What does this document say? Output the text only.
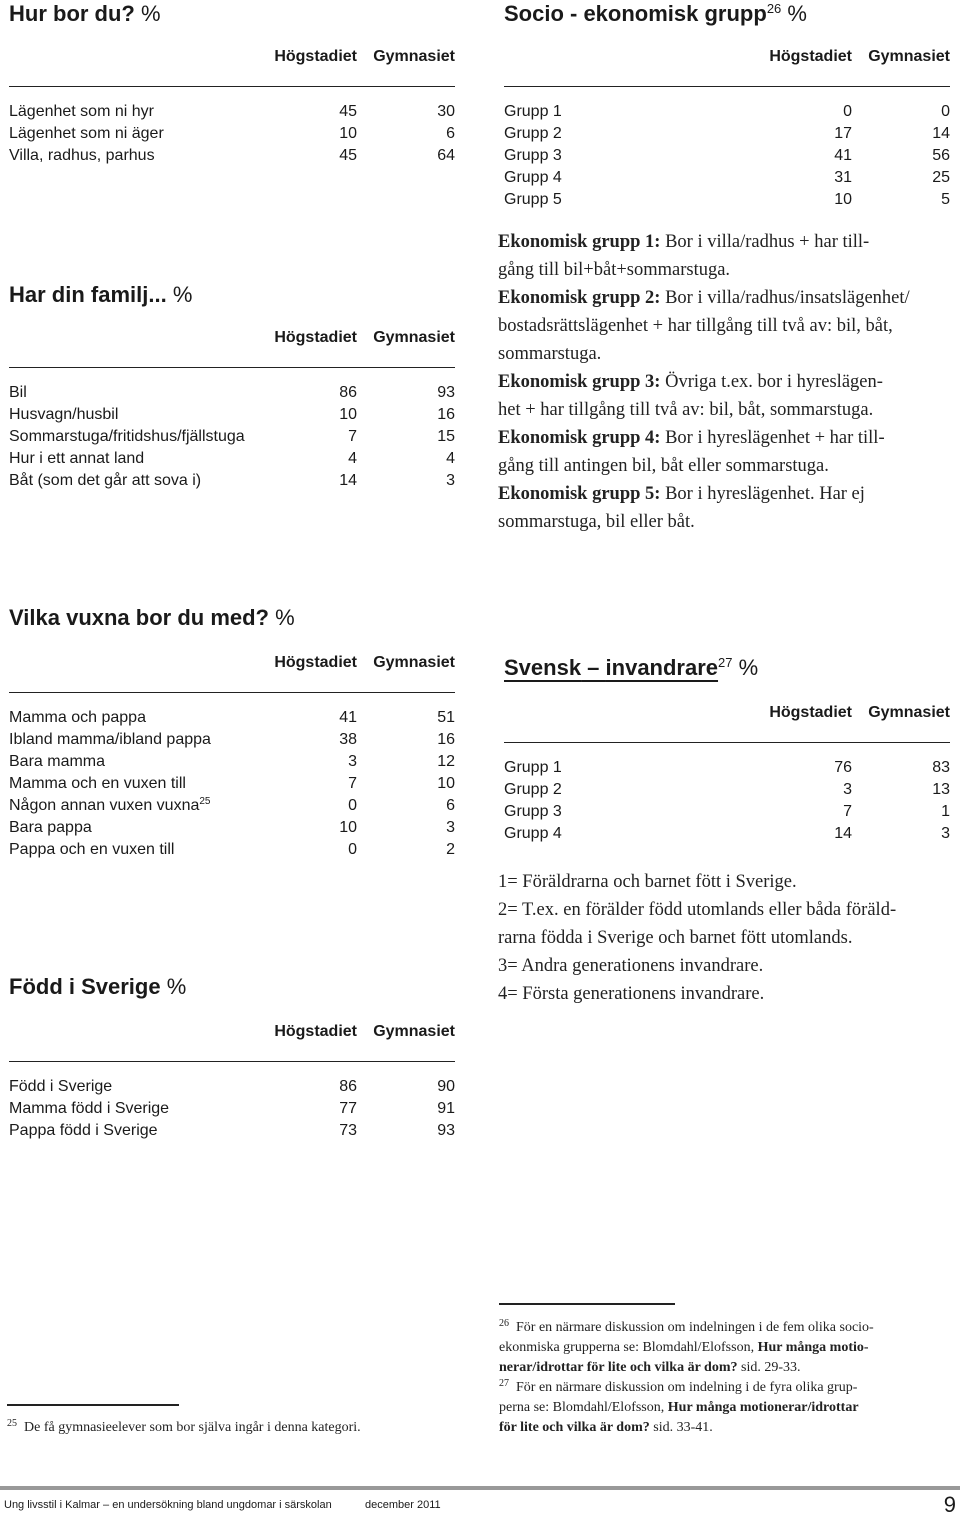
Hur bor du? %
Högstadiet Gymnasiet
Lägenhet som ni hyr	45	30
Lägenhet som ni äger	10	6
Villa, radhus, parhus	45	64
Har din familj... %
Högstadiet Gymnasiet
Bil	86	93
Husvagn/husbil	10	16
Sommarstuga/fritidshus/fjällstuga	7	15
Hur i ett annat land	4	4
Båt (som det går att sova i)	14	3
Socio - ekonomisk grupp$^{26}$ %
Högstadiet Gymnasiet
Grupp 1	0	0
Grupp 2	17	14
Grupp 3	41	56
Grupp 4	31	25
Grupp 5	10	5

Ekonomisk grupp 1: Bor i villa/radhus + har till-
gång till bil+båt+sommarstuga.

Ekonomisk grupp 2: Bor i villa/radhus/insatslägenhet/
bostadsrättslägenhet + har tillgång till två av: bil, båt,
sommarstuga.

Ekonomisk grupp 3: Övriga t.ex. bor i hyreslägen-
het + har tillgång till två av: bil, båt, sommarstuga.

Ekonomisk grupp 4: Bor i hyreslägenhet + har till-
gång till antingen bil, båt eller sommarstuga.

Ekonomisk grupp 5: Bor i hyreslägenhet. Har ej
sommarstuga, bil eller båt.

Vilka vuxna bor du med? %
Högstadiet Gymnasiet
Mamma och pappa	41	51
Ibland mamma/ibland pappa	38	16
Bara mamma	3	12
Mamma och en vuxen till	7	10
Någon annan vuxen vuxna$^{25}$	0	6
Bara pappa	10	3
Pappa och en vuxen till	0	2
Svensk – invandrare$^{27}$ %
Högstadiet Gymnasiet
Grupp 1	76	83
Grupp 2	3	13
Grupp 3	7	1
Grupp 4	14	3

1= Föräldrarna och barnet fött i Sverige.

2= T.ex. en förälder född utomlands eller båda föräld-

rarna födda i Sverige och barnet fött utomlands.

3= Andra generationens invandrare.

4= Första generationens invandrare.

Född i Sverige %
Högstadiet Gymnasiet
Född i Sverige	86	90
Mamma född i Sverige	77	91
Pappa född i Sverige	73	93
$^{25}$ De få gymnasieelever som bor själva ingår i denna kategori.
$^{26}$ För en närmare diskussion om indelningen i de fem olika socio-
ekonmiska grupperna se: Blomdahl/Elofsson, Hur många motio-
nerar/idrottar för lite och vilka är dom? sid. 29-33.
$^{27}$ För en närmare diskussion om indelning i de fyra olika grup-
perna se: Blomdahl/Elofsson, Hur många motionerar/idrottar
för lite och vilka är dom? sid. 33-41.
Ung livsstil i Kalmar – en undersökning bland ungdomar i särskolan	december 2011	9
